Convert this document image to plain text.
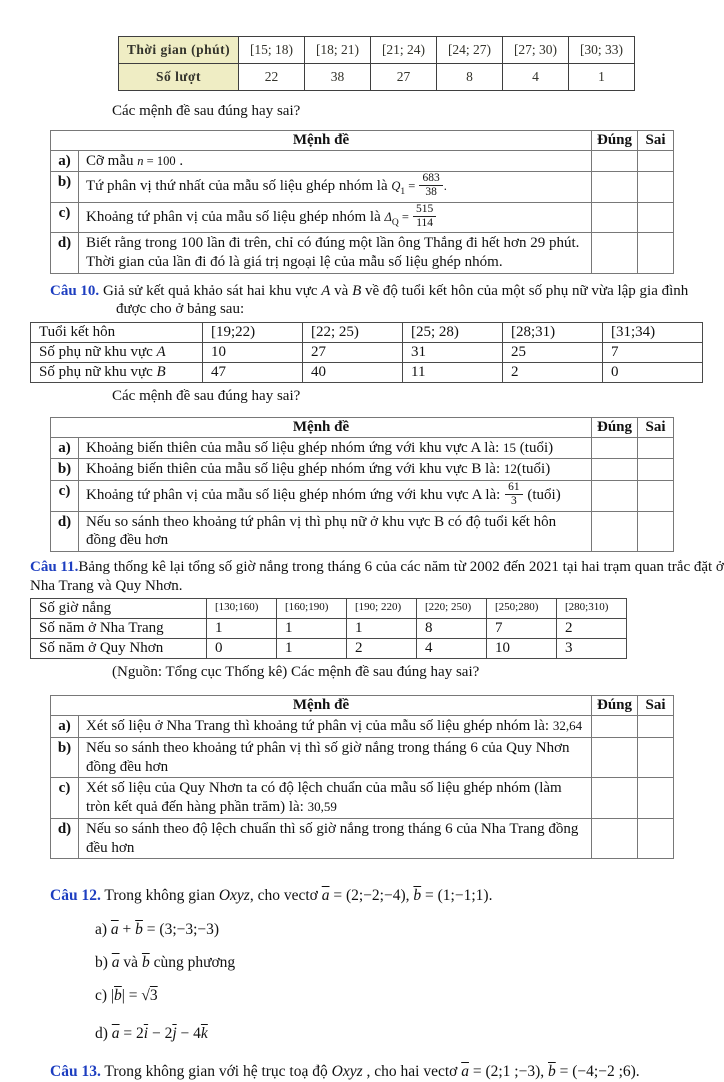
Thời gian (phút)	[15; 18)	[18; 21)	[21; 24)	[24; 27)	[27; 30)	[30; 33)
Số lượt	22	38	27	8	4	1

Các mệnh đề sau đúng hay sai?

Mệnh đề		Đúng	Sai
a)	Cỡ mẫu n = 100 .		
b)	Tứ phân vị thứ nhất của mẫu số liệu ghép nhóm là $Q_1 = \frac{683}{38}$ .		
c)	Khoảng tứ phân vị của mẫu số liệu ghép nhóm là $\Delta_Q = \frac{515}{114}$

d)	Biết rằng trong 100 lần đi trên, chỉ có đúng một lần ông Thắng đi hết hơn 29 phút. Thời gian của lần đi đó là giá trị ngoại lệ của mẫu số liệu ghép nhóm.		

Câu 10. Giả sử kết quả khảo sát hai khu vực A và B về độ tuổi kết hôn của một số phụ nữ vừa lập gia đình được cho ở bảng sau:

Tuổi kết hôn	[19;22)	[22; 25)	[25; 28)	[28;31)	[31;34)
Số phụ nữ khu vực A	10	27	31	25	7
Số phụ nữ khu vực B	47	40	11	2	0

Các mệnh đề sau đúng hay sai?

Mệnh đề		Đúng	Sai
a)	Khoảng biến thiên của mẫu số liệu ghép nhóm ứng với khu vực A là: 15 (tuổi)		
b)	Khoảng biến thiên của mẫu số liệu ghép nhóm ứng với khu vực B là: 12(tuổi)		
c)	Khoảng tứ phân vị của mẫu số liệu ghép nhóm ứng với khu vực A là: $\frac{61}{3}$ (tuổi)		
d)	Nếu so sánh theo khoảng tứ phân vị thì phụ nữ ở khu vực B có độ tuổi kết hôn đồng đều hơn		

Câu 11.Bảng thống kê lại tổng số giờ nắng trong tháng 6 của các năm từ 2002 đến 2021 tại hai trạm quan trắc đặt ở Nha Trang và Quy Nhơn.

Số giờ nắng	[130;160)	[160;190)	[190; 220)	[220; 250)	[250;280)	[280;310)
Số năm ở Nha Trang	1	1	1	8	7	2
Số năm ở Quy Nhơn	0	1	2	4	10	3

(Nguồn: Tổng cục Thống kê) Các mệnh đề sau đúng hay sai?

Mệnh đề		Đúng	Sai
a)	Xét số liệu ở Nha Trang thì khoảng tứ phân vị của mẫu số liệu ghép nhóm là: 32,64		
b)	Nếu so sánh theo khoảng tứ phân vị thì số giờ nắng trong tháng 6 của Quy Nhơn đồng đều hơn		
c)	Xét số liệu của Quy Nhơn ta có độ lệch chuẩn của mẫu số liệu ghép nhóm (làm tròn kết quả đến hàng phần trăm) là: 30,59		
d)	Nếu so sánh theo độ lệch chuẩn thì số giờ nắng trong tháng 6 của Nha Trang đồng đều hơn		

Câu 12. Trong không gian Oxyz, cho vectơ $\overline{a}$ = (2;−2;−4), $\overline{b}$ = (1;−1;1).

a) $\overline{a} + \overline{b}$ = (3;−3;−3)

b) $\overline{a}$ và $\overline{b}$ cùng phương

c) $|\overline{b}| = √3$

d) $\overline{a} = 2\overline{i} - 2\overline{j} - 4\overline{k}$

Câu 13. Trong không gian với hệ trục toạ độ Oxyz , cho hai vectơ $\overline{a}$ = (2;1 ;−3), $\overline{b}$ = (−4;−2 ;6).
